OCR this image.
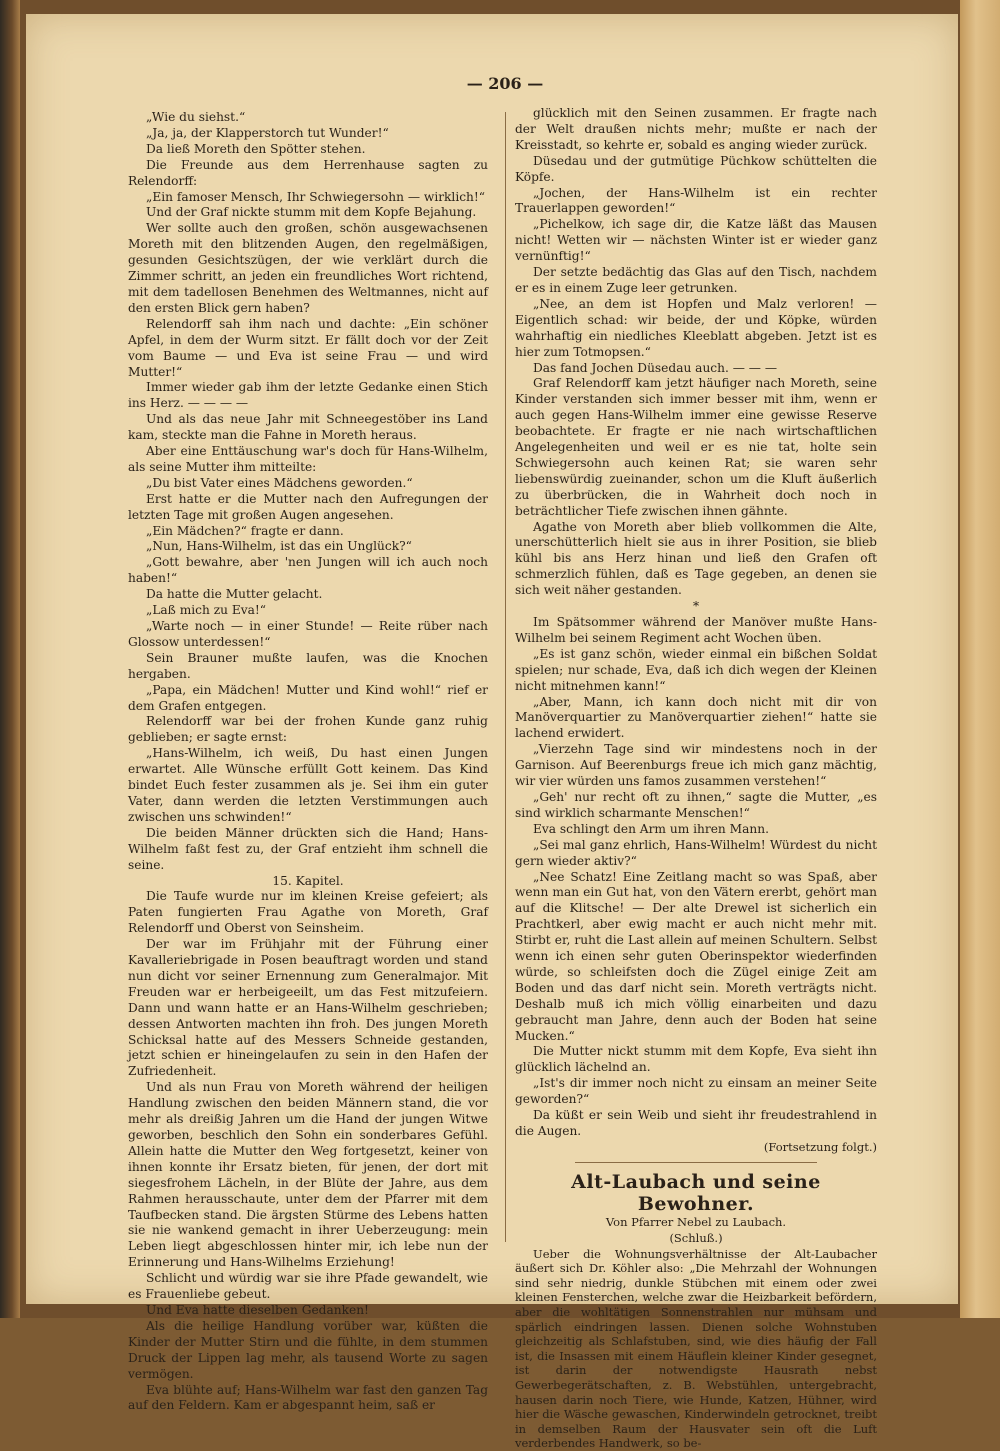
— 206 —

„Wie du siehst.“

„Ja, ja, der Klapperstorch tut Wunder!“

Da ließ Moreth den Spötter stehen.

Die Freunde aus dem Herrenhause sagten zu Relendorff:

„Ein famoser Mensch, Ihr Schwiegersohn — wirklich!“

Und der Graf nickte stumm mit dem Kopfe Bejahung.

Wer sollte auch den großen, schön ausgewachsenen Moreth mit den blitzenden Augen, den regelmäßigen, gesunden Gesichtszügen, der wie verklärt durch die Zimmer schritt, an jeden ein freundliches Wort richtend, mit dem tadellosen Benehmen des Weltmannes, nicht auf den ersten Blick gern haben?

Relendorff sah ihm nach und dachte: „Ein schöner Apfel, in dem der Wurm sitzt. Er fällt doch vor der Zeit vom Baume — und Eva ist seine Frau — und wird Mutter!“

Immer wieder gab ihm der letzte Gedanke einen Stich ins Herz. — — — —

Und als das neue Jahr mit Schneegestöber ins Land kam, steckte man die Fahne in Moreth heraus.

Aber eine Enttäuschung war's doch für Hans-Wilhelm, als seine Mutter ihm mitteilte:

„Du bist Vater eines Mädchens geworden.“

Erst hatte er die Mutter nach den Aufregungen der letzten Tage mit großen Augen angesehen.

„Ein Mädchen?“ fragte er dann.

„Nun, Hans-Wilhelm, ist das ein Unglück?“

„Gott bewahre, aber 'nen Jungen will ich auch noch haben!“

Da hatte die Mutter gelacht.

„Laß mich zu Eva!“

„Warte noch — in einer Stunde! — Reite rüber nach Glossow unterdessen!“

Sein Brauner mußte laufen, was die Knochen hergaben.

„Papa, ein Mädchen! Mutter und Kind wohl!“ rief er dem Grafen entgegen.

Relendorff war bei der frohen Kunde ganz ruhig geblieben; er sagte ernst:

„Hans-Wilhelm, ich weiß, Du hast einen Jungen erwartet. Alle Wünsche erfüllt Gott keinem. Das Kind bindet Euch fester zusammen als je. Sei ihm ein guter Vater, dann werden die letzten Verstimmungen auch zwischen uns schwinden!“

Die beiden Männer drückten sich die Hand; Hans-Wilhelm faßt fest zu, der Graf entzieht ihm schnell die seine.

15. Kapitel.

Die Taufe wurde nur im kleinen Kreise gefeiert; als Paten fungierten Frau Agathe von Moreth, Graf Relendorff und Oberst von Seinsheim.

Der war im Frühjahr mit der Führung einer Kavalleriebrigade in Posen beauftragt worden und stand nun dicht vor seiner Ernennung zum Generalmajor. Mit Freuden war er herbeigeeilt, um das Fest mitzufeiern. Dann und wann hatte er an Hans-Wilhelm geschrieben; dessen Antworten machten ihn froh. Des jungen Moreth Schicksal hatte auf des Messers Schneide gestanden, jetzt schien er hineingelaufen zu sein in den Hafen der Zufriedenheit.

Und als nun Frau von Moreth während der heiligen Handlung zwischen den beiden Männern stand, die vor mehr als dreißig Jahren um die Hand der jungen Witwe geworben, beschlich den Sohn ein sonderbares Gefühl. Allein hatte die Mutter den Weg fortgesetzt, keiner von ihnen konnte ihr Ersatz bieten, für jenen, der dort mit siegesfrohem Lächeln, in der Blüte der Jahre, aus dem Rahmen herausschaute, unter dem der Pfarrer mit dem Taufbecken stand. Die ärgsten Stürme des Lebens hatten sie nie wankend gemacht in ihrer Ueberzeugung: mein Leben liegt abgeschlossen hinter mir, ich lebe nun der Erinnerung und Hans-Wilhelms Erziehung!

Schlicht und würdig war sie ihre Pfade gewandelt, wie es Frauenliebe gebeut.

Und Eva hatte dieselben Gedanken!

Als die heilige Handlung vorüber war, küßten die Kinder der Mutter Stirn und die fühlte, in dem stummen Druck der Lippen lag mehr, als tausend Worte zu sagen vermögen.

Eva blühte auf; Hans-Wilhelm war fast den ganzen Tag auf den Feldern. Kam er abgespannt heim, saß er

glücklich mit den Seinen zusammen. Er fragte nach der Welt draußen nichts mehr; mußte er nach der Kreisstadt, so kehrte er, sobald es anging wieder zurück.

Düsedau und der gutmütige Püchkow schüttelten die Köpfe.

„Jochen, der Hans-Wilhelm ist ein rechter Trauerlappen geworden!“

„Pichelkow, ich sage dir, die Katze läßt das Mausen nicht! Wetten wir — nächsten Winter ist er wieder ganz vernünftig!“

Der setzte bedächtig das Glas auf den Tisch, nachdem er es in einem Zuge leer getrunken.

„Nee, an dem ist Hopfen und Malz verloren! — Eigentlich schad: wir beide, der und Köpke, würden wahrhaftig ein niedliches Kleeblatt abgeben. Jetzt ist es hier zum Totmopsen.“

Das fand Jochen Düsedau auch. — — —

Graf Relendorff kam jetzt häufiger nach Moreth, seine Kinder verstanden sich immer besser mit ihm, wenn er auch gegen Hans-Wilhelm immer eine gewisse Reserve beobachtete. Er fragte er nie nach wirtschaftlichen Angelegenheiten und weil er es nie tat, holte sein Schwiegersohn auch keinen Rat; sie waren sehr liebenswürdig zueinander, schon um die Kluft äußerlich zu überbrücken, die in Wahrheit doch noch in beträchtlicher Tiefe zwischen ihnen gähnte.

Agathe von Moreth aber blieb vollkommen die Alte, unerschütterlich hielt sie aus in ihrer Position, sie blieb kühl bis ans Herz hinan und ließ den Grafen oft schmerzlich fühlen, daß es Tage gegeben, an denen sie sich weit näher gestanden.

*

Im Spätsommer während der Manöver mußte Hans-Wilhelm bei seinem Regiment acht Wochen üben.

„Es ist ganz schön, wieder einmal ein bißchen Soldat spielen; nur schade, Eva, daß ich dich wegen der Kleinen nicht mitnehmen kann!“

„Aber, Mann, ich kann doch nicht mit dir von Manöverquartier zu Manöverquartier ziehen!“ hatte sie lachend erwidert.

„Vierzehn Tage sind wir mindestens noch in der Garnison. Auf Beerenburgs freue ich mich ganz mächtig, wir vier würden uns famos zusammen verstehen!“

„Geh' nur recht oft zu ihnen,“ sagte die Mutter, „es sind wirklich scharmante Menschen!“

Eva schlingt den Arm um ihren Mann.

„Sei mal ganz ehrlich, Hans-Wilhelm! Würdest du nicht gern wieder aktiv?“

„Nee Schatz! Eine Zeitlang macht so was Spaß, aber wenn man ein Gut hat, von den Vätern ererbt, gehört man auf die Klitsche! — Der alte Drewel ist sicherlich ein Prachtkerl, aber ewig macht er auch nicht mehr mit. Stirbt er, ruht die Last allein auf meinen Schultern. Selbst wenn ich einen sehr guten Oberinspektor wiederfinden würde, so schleifsten doch die Zügel einige Zeit am Boden und das darf nicht sein. Moreth verträgts nicht. Deshalb muß ich mich völlig einarbeiten und dazu gebraucht man Jahre, denn auch der Boden hat seine Mucken.“

Die Mutter nickt stumm mit dem Kopfe, Eva sieht ihn glücklich lächelnd an.

„Ist's dir immer noch nicht zu einsam an meiner Seite geworden?“

Da küßt er sein Weib und sieht ihr freudestrahlend in die Augen.

(Fortsetzung folgt.)

Alt-Laubach und seine Bewohner.

Von Pfarrer Nebel zu Laubach.

(Schluß.)

Ueber die Wohnungsverhältnisse der Alt-Laubacher äußert sich Dr. Köhler also: „Die Mehrzahl der Wohnungen sind sehr niedrig, dunkle Stübchen mit einem oder zwei kleinen Fensterchen, welche zwar die Heizbarkeit befördern, aber die wohltätigen Sonnenstrahlen nur mühsam und spärlich eindringen lassen. Dienen solche Wohnstuben gleichzeitig als Schlafstuben, sind, wie dies häufig der Fall ist, die Insassen mit einem Häuflein kleiner Kinder gesegnet, ist darin der notwendigste Hausrath nebst Gewerbegerätschaften, z. B. Webstühlen, untergebracht, hausen darin noch Tiere, wie Hunde, Katzen, Hühner, wird hier die Wäsche gewaschen, Kinderwindeln getrocknet, treibt in demselben Raum der Hausvater sein oft die Luft verderbendes Handwerk, so be-
